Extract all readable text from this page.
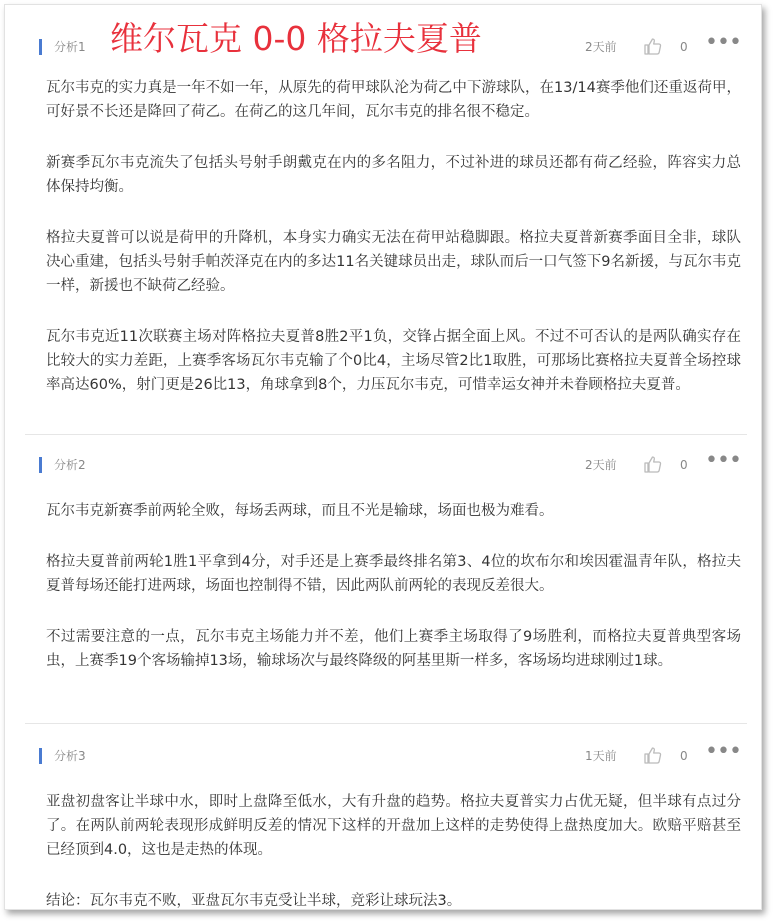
分析1	2天前	0 •••

瓦尔韦克的实力真是一年不如一年，从原先的荷甲球队沦为荷乙中下游球队，在13/14赛季他们还重返荷甲，可好景不长还是降回了荷乙。在荷乙的这几年间，瓦尔韦克的排名很不稳定。

新赛季瓦尔韦克流失了包括头号射手朗戴克在内的多名阻力，不过补进的球员还都有荷乙经验，阵容实力总体保持均衡。

格拉夫夏普可以说是荷甲的升降机，本身实力确实无法在荷甲站稳脚跟。格拉夫夏普新赛季面目全非，球队决心重建，包括头号射手帕茨泽克在内的多达11名关键球员出走，球队而后一口气签下9名新援，与瓦尔韦克一样，新援也不缺荷乙经验。

瓦尔韦克近11次联赛主场对阵格拉夫夏普8胜2平1负，交锋占据全面上风。不过不可否认的是两队确实存在比较大的实力差距，上赛季客场瓦尔韦克输了个0比4，主场尽管2比1取胜，可那场比赛格拉夫夏普全场控球率高达60%，射门更是26比13，角球拿到8个，力压瓦尔韦克，可惜幸运女神并未眷顾格拉夫夏普。

分析2	2天前	0 •••

瓦尔韦克新赛季前两轮全败，每场丢两球，而且不光是输球，场面也极为难看。

格拉夫夏普前两轮1胜1平拿到4分，对手还是上赛季最终排名第3、4位的坎布尔和埃因霍温青年队，格拉夫夏普每场还能打进两球，场面也控制得不错，因此两队前两轮的表现反差很大。

不过需要注意的一点，瓦尔韦克主场能力并不差，他们上赛季主场取得了9场胜利，而格拉夫夏普典型客场虫，上赛季19个客场输掉13场，输球场次与最终降级的阿基里斯一样多，客场场均进球刚过1球。

分析3	1天前	0 •••

亚盘初盘客让半球中水，即时上盘降至低水，大有升盘的趋势。格拉夫夏普实力占优无疑，但半球有点过分了。在两队前两轮表现形成鲜明反差的情况下这样的开盘加上这样的走势使得上盘热度加大。欧赔平赔甚至已经顶到4.0，这也是走热的体现。

结论：瓦尔韦克不败，亚盘瓦尔韦克受让半球，竞彩让球玩法3。

维尔瓦克 0-0 格拉夫夏普
